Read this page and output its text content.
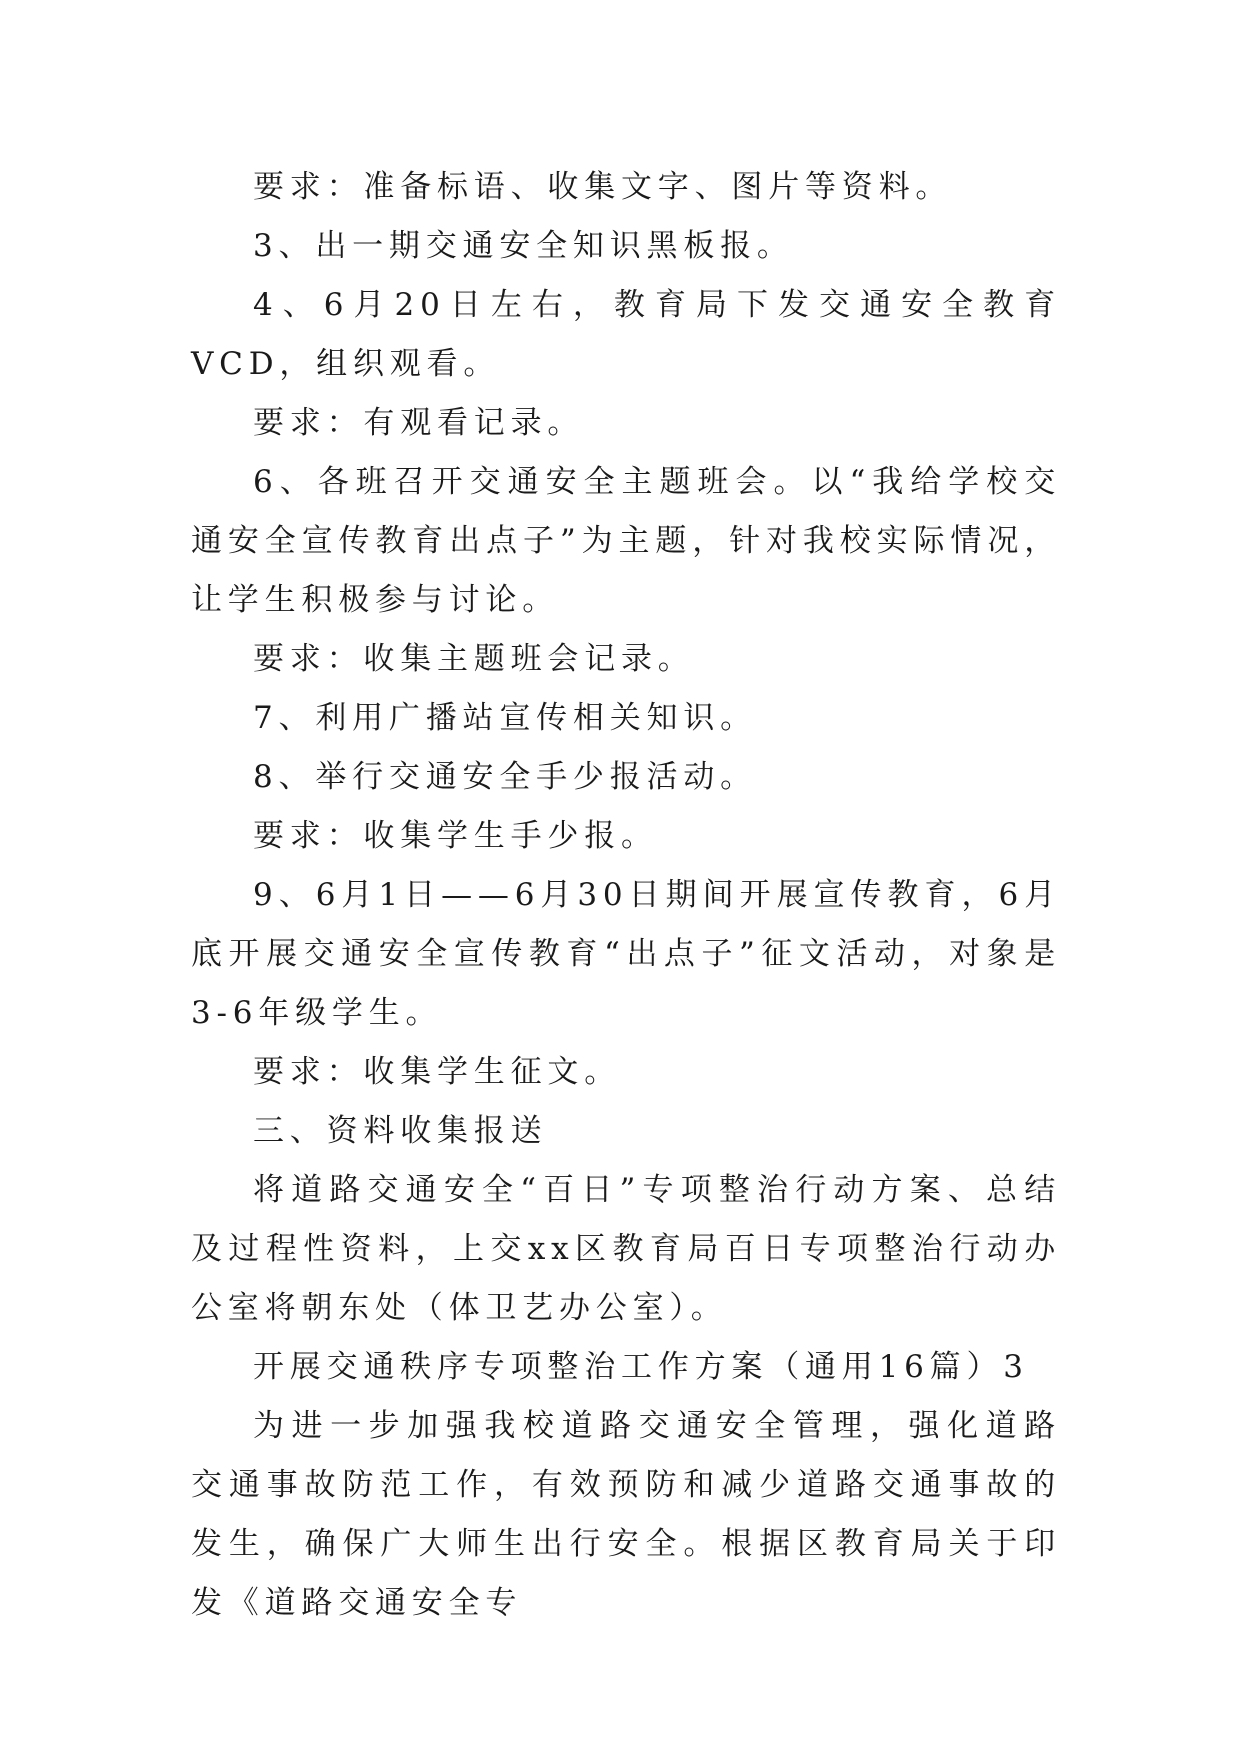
要求：准备标语、收集文字、图片等资料。

3、出一期交通安全知识黑板报。

4、6月20日左右，教育局下发交通安全教育VCD，组织观看。

要求：有观看记录。

6、各班召开交通安全主题班会。以“我给学校交通安全宣传教育出点子”为主题，针对我校实际情况，让学生积极参与讨论。

要求：收集主题班会记录。

7、利用广播站宣传相关知识。

8、举行交通安全手少报活动。

要求：收集学生手少报。

9、6月1日——6月30日期间开展宣传教育，6月底开展交通安全宣传教育“出点子”征文活动，对象是3-6年级学生。

要求：收集学生征文。

三、资料收集报送

将道路交通安全“百日”专项整治行动方案、总结及过程性资料，上交xx区教育局百日专项整治行动办公室将朝东处（体卫艺办公室）。

开展交通秩序专项整治工作方案（通用16篇）3

为进一步加强我校道路交通安全管理，强化道路交通事故防范工作，有效预防和减少道路交通事故的发生，确保广大师生出行安全。根据区教育局关于印发《道路交通安全专
